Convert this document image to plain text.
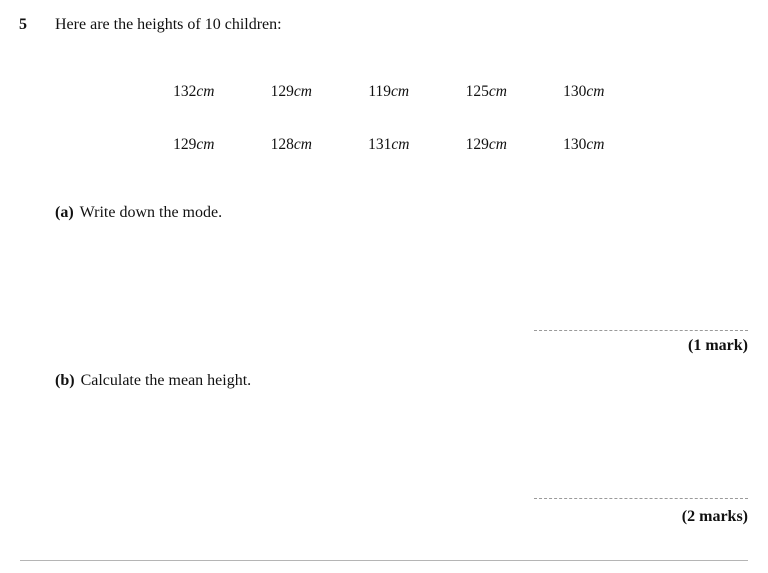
5 Here are the heights of 10 children:
132cm	129cm	119cm	125cm	130cm
129cm	128cm	131cm	129cm	130cm
(a) Write down the mode.
(1 mark)
(b) Calculate the mean height.
(2 marks)
